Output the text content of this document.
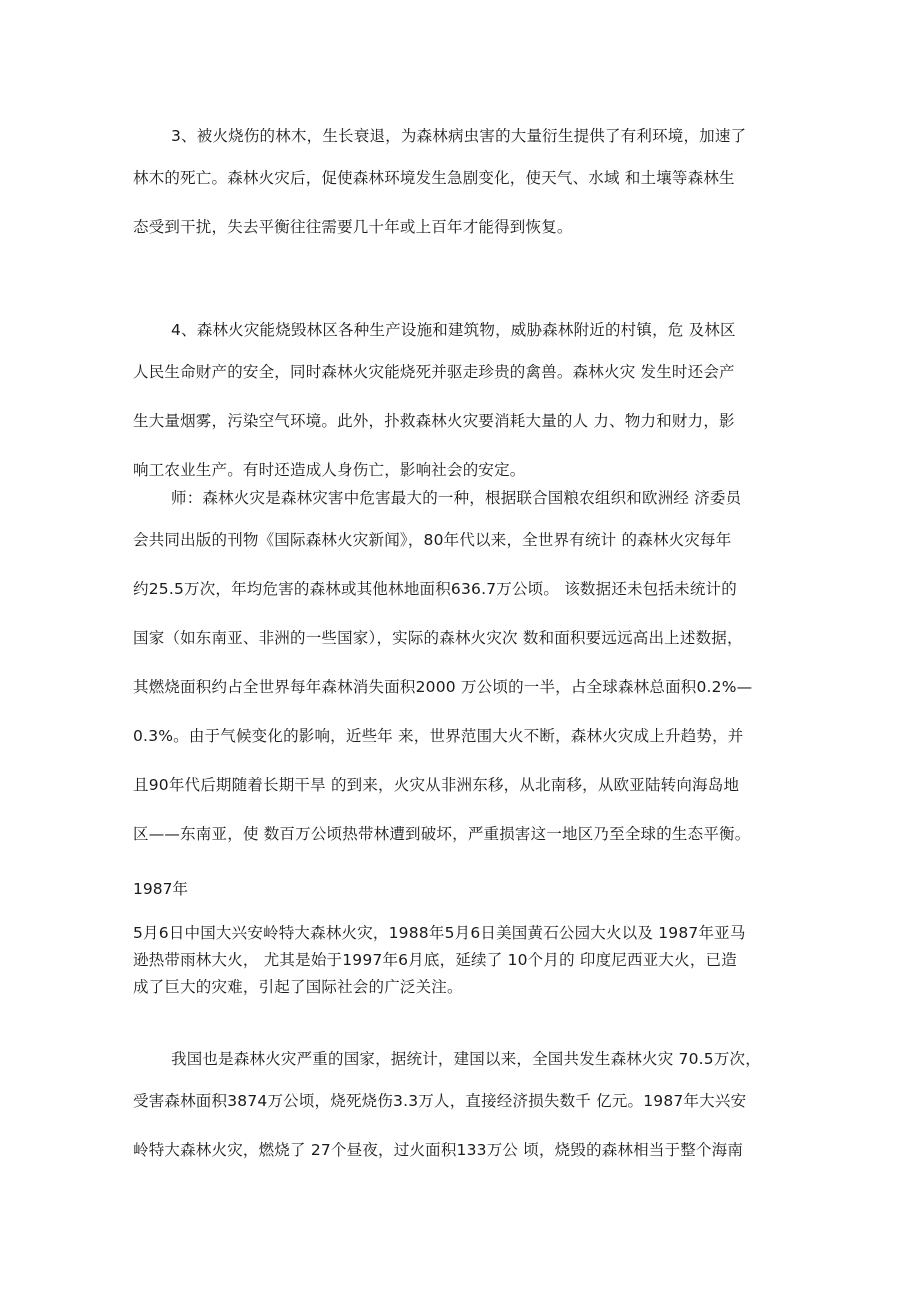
3、被火烧伤的林木，生长衰退，为森林病虫害的大量衍生提供了有利环境，加速了
林木的死亡。森林火灾后，促使森林环境发生急剧变化，使天气、水域 和土壤等森林生
态受到干扰，失去平衡往往需要几十年或上百年才能得到恢复。
4、森林火灾能烧毁林区各种生产设施和建筑物，威胁森林附近的村镇，危 及林区
人民生命财产的安全，同时森林火灾能烧死并驱走珍贵的禽兽。森林火灾 发生时还会产
生大量烟雾，污染空气环境。此外，扑救森林火灾要消耗大量的人 力、物力和财力，影
响工农业生产。有时还造成人身伤亡，影响社会的安定。
师：森林火灾是森林灾害中危害最大的一种，根据联合国粮农组织和欧洲经 济委员
会共同出版的刊物《国际森林火灾新闻》，80年代以来，全世界有统计 的森林火灾每年
约25.5万次，年均危害的森林或其他林地面积636.7万公顷。 该数据还未包括未统计的
国家（如东南亚、非洲的一些国家），实际的森林火灾次 数和面积要远远高出上述数据，
其燃烧面积约占全世界每年森林消失面积2000 万公顷的一半，占全球森林总面积0.2%—
0.3%。由于气候变化的影响，近些年 来，世界范围大火不断，森林火灾成上升趋势，并
且90年代后期随着长期干旱 的到来，火灾从非洲东移，从北南移，从欧亚陆转向海岛地
区——东南亚，使 数百万公顷热带林遭到破坏，严重损害这一地区乃至全球的生态平衡。
1987年
5月6日中国大兴安岭特大森林火灾，1988年5月6日美国黄石公园大火以及 1987年亚马
逊热带雨林大火， 尤其是始于1997年6月底，延续了 10个月的 印度尼西亚大火，已造
成了巨大的灾难，引起了国际社会的广泛关注。
我国也是森林火灾严重的国家，据统计，建国以来，全国共发生森林火灾 70.5万次，
受害森林面积3874万公顷，烧死烧伤3.3万人，直接经济损失数千 亿元。1987年大兴安
岭特大森林火灾，燃烧了 27个昼夜，过火面积133万公 顷，烧毁的森林相当于整个海南
